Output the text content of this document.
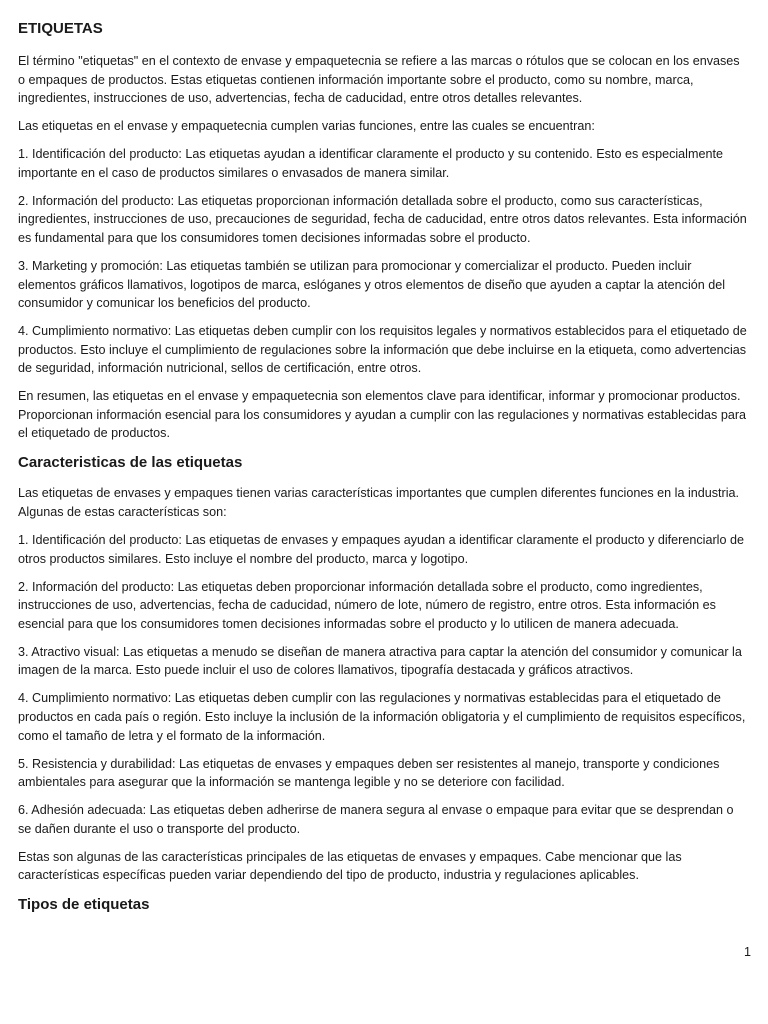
ETIQUETAS

El término "etiquetas" en el contexto de envase y empaquetecnia se refiere a las marcas o rótulos que se colocan en los envases o empaques de productos. Estas etiquetas contienen información importante sobre el producto, como su nombre, marca, ingredientes, instrucciones de uso, advertencias, fecha de caducidad, entre otros detalles relevantes.

Las etiquetas en el envase y empaquetecnia cumplen varias funciones, entre las cuales se encuentran:

1. Identificación del producto: Las etiquetas ayudan a identificar claramente el producto y su contenido. Esto es especialmente importante en el caso de productos similares o envasados de manera similar.

2. Información del producto: Las etiquetas proporcionan información detallada sobre el producto, como sus características, ingredientes, instrucciones de uso, precauciones de seguridad, fecha de caducidad, entre otros datos relevantes. Esta información es fundamental para que los consumidores tomen decisiones informadas sobre el producto.

3. Marketing y promoción: Las etiquetas también se utilizan para promocionar y comercializar el producto. Pueden incluir elementos gráficos llamativos, logotipos de marca, eslóganes y otros elementos de diseño que ayuden a captar la atención del consumidor y comunicar los beneficios del producto.

4. Cumplimiento normativo: Las etiquetas deben cumplir con los requisitos legales y normativos establecidos para el etiquetado de productos. Esto incluye el cumplimiento de regulaciones sobre la información que debe incluirse en la etiqueta, como advertencias de seguridad, información nutricional, sellos de certificación, entre otros.

En resumen, las etiquetas en el envase y empaquetecnia son elementos clave para identificar, informar y promocionar productos. Proporcionan información esencial para los consumidores y ayudan a cumplir con las regulaciones y normativas establecidas para el etiquetado de productos.

Caracteristicas de las etiquetas

Las etiquetas de envases y empaques tienen varias características importantes que cumplen diferentes funciones en la industria. Algunas de estas características son:

1. Identificación del producto: Las etiquetas de envases y empaques ayudan a identificar claramente el producto y diferenciarlo de otros productos similares. Esto incluye el nombre del producto, marca y logotipo.

2. Información del producto: Las etiquetas deben proporcionar información detallada sobre el producto, como ingredientes, instrucciones de uso, advertencias, fecha de caducidad, número de lote, número de registro, entre otros. Esta información es esencial para que los consumidores tomen decisiones informadas sobre el producto y lo utilicen de manera adecuada.

3. Atractivo visual: Las etiquetas a menudo se diseñan de manera atractiva para captar la atención del consumidor y comunicar la imagen de la marca. Esto puede incluir el uso de colores llamativos, tipografía destacada y gráficos atractivos.

4. Cumplimiento normativo: Las etiquetas deben cumplir con las regulaciones y normativas establecidas para el etiquetado de productos en cada país o región. Esto incluye la inclusión de la información obligatoria y el cumplimiento de requisitos específicos, como el tamaño de letra y el formato de la información.

5. Resistencia y durabilidad: Las etiquetas de envases y empaques deben ser resistentes al manejo, transporte y condiciones ambientales para asegurar que la información se mantenga legible y no se deteriore con facilidad.

6. Adhesión adecuada: Las etiquetas deben adherirse de manera segura al envase o empaque para evitar que se desprendan o se dañen durante el uso o transporte del producto.

Estas son algunas de las características principales de las etiquetas de envases y empaques. Cabe mencionar que las características específicas pueden variar dependiendo del tipo de producto, industria y regulaciones aplicables.

Tipos de etiquetas
1
